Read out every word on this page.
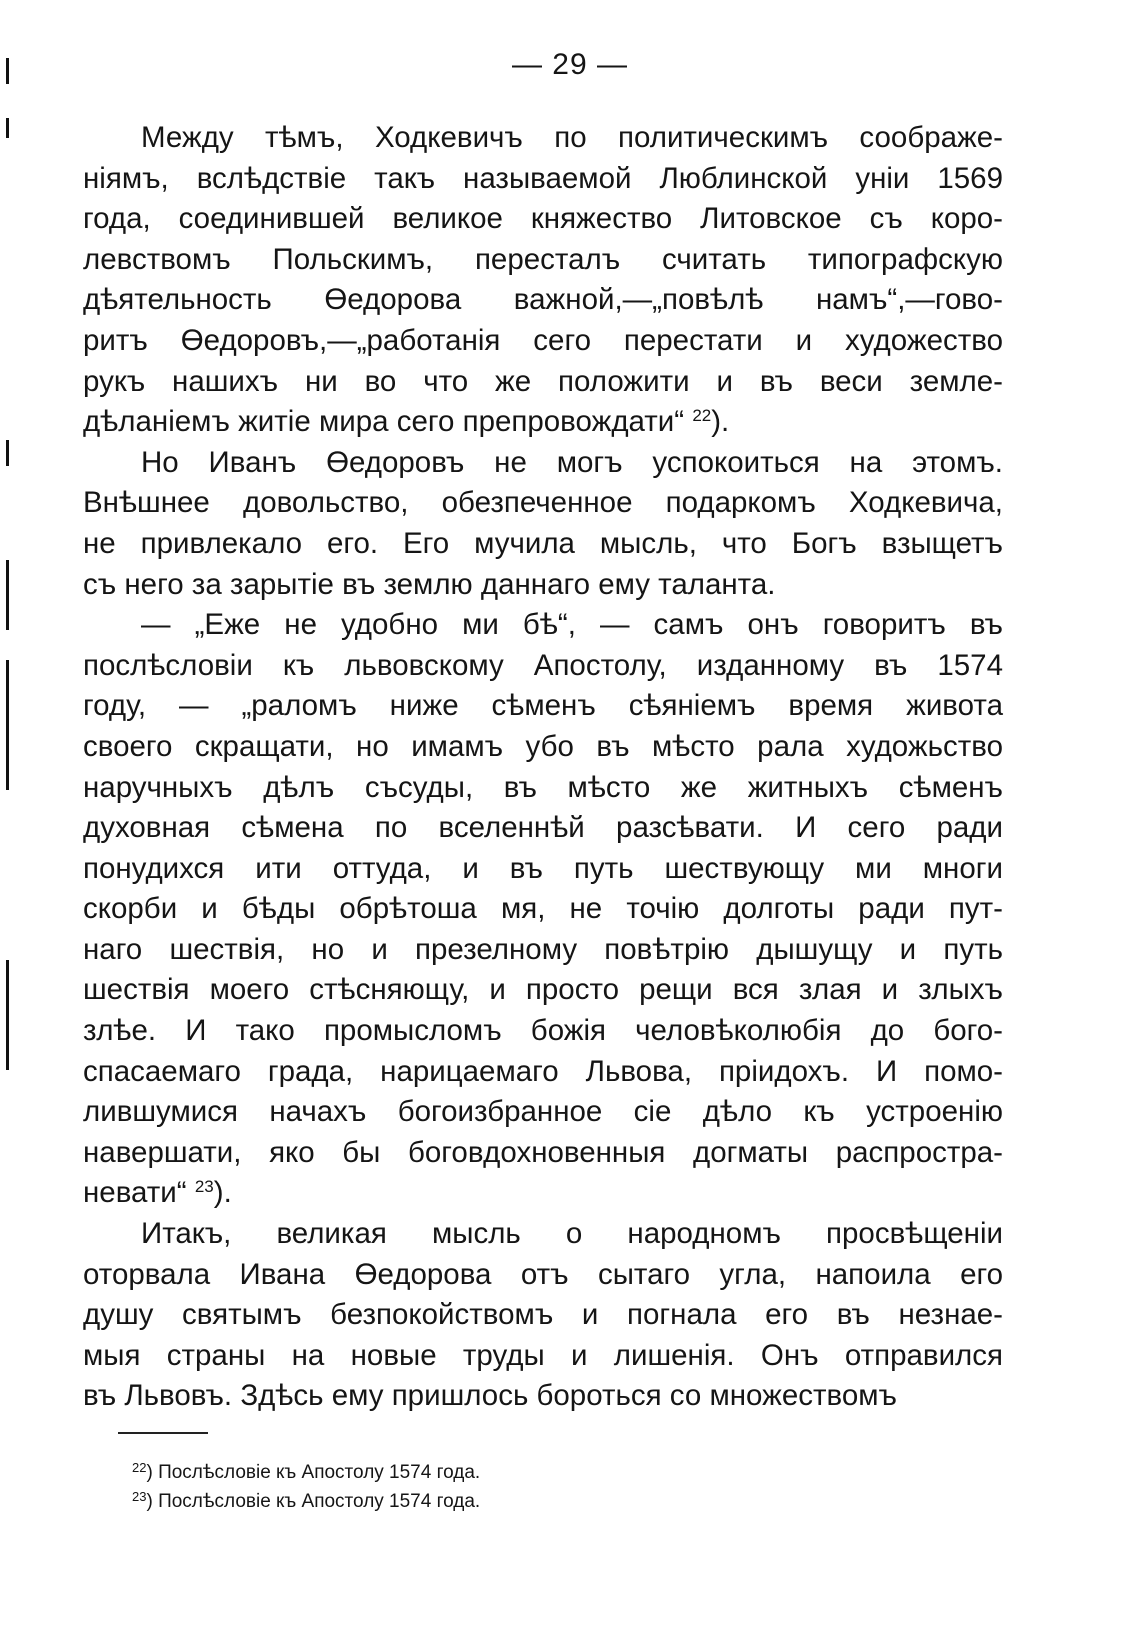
— 29 —
Между тѣмъ, Ходкевичъ по политическимъ соображе-
ніямъ, вслѣдствіе такъ называемой Люблинской уніи 1569
года, соединившей великое княжество Литовское съ коро-
левствомъ Польскимъ, пересталъ считать типографскую
дѣятельность Өедорова важной,—„повѣлѣ намъ“,—гово-
ритъ Өедоровъ,—„работанія сего перестати и художество
рукъ нашихъ ни во что же положити и въ веси земле-
дѣланіемъ житіе мира сего препровождати“ $^{22}$).
Но Иванъ Өедоровъ не могъ успокоиться на этомъ.
Внѣшнее довольство, обезпеченное подаркомъ Ходкевича,
не привлекало его. Его мучила мысль, что Богъ взыщетъ
съ него за зарытіе въ землю даннаго ему таланта.
— „Еже не удобно ми бѣ“, — самъ онъ говоритъ въ
послѣсловіи къ львовскому Апостолу, изданному въ 1574
году, — „раломъ ниже сѣменъ сѣяніемъ время живота
своего скращати, но имамъ убо въ мѣсто рала художьство
наручныхъ дѣлъ съсуды, въ мѣсто же житныхъ сѣменъ
духовная сѣмена по вселеннѣй разсѣвати. И сего ради
понудихся ити оттуда, и въ путь шествующу ми многи
скорби и бѣды обрѣтоша мя, не точію долготы ради пут-
наго шествія, но и презелному повѣтрію дышущу и путь
шествія моего стѣсняющу, и просто рещи вся злая и злыхъ
злѣе. И тако промысломъ божія человѣколюбія до бого-
спасаемаго града, нарицаемаго Львова, пріидохъ. И помо-
лившумися начахъ богоизбранное сіе дѣло къ устроенію
навершати, яко бы боговдохновенныя догматы распростра-
невати“ $^{23}$).
Итакъ, великая мысль о народномъ просвѣщеніи
оторвала Ивана Өедорова отъ сытаго угла, напоила его
душу святымъ безпокойствомъ и погнала его въ незнае-
мыя страны на новые труды и лишенія. Онъ отправился
въ Львовъ. Здѣсь ему пришлось бороться со множествомъ
$^{22}$) Послѣсловіе къ Апостолу 1574 года.
$^{23}$) Послѣсловіе къ Апостолу 1574 года.
